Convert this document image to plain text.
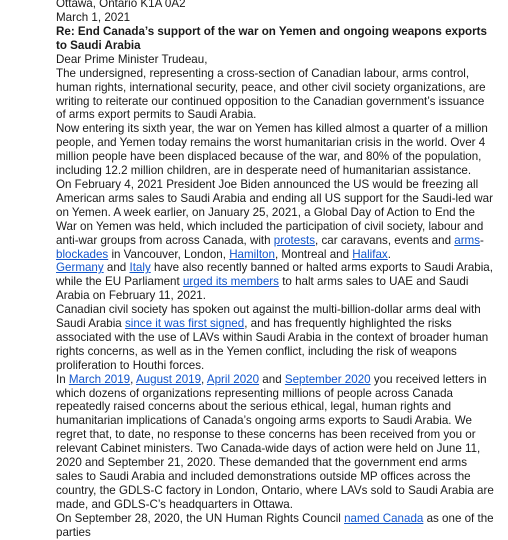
Ottawa, Ontario K1A 0A2

March 1, 2021

Re: End Canada’s support of the war on Yemen and ongoing weapons exports to Saudi Arabia

Dear Prime Minister Trudeau,

The undersigned, representing a cross-section of Canadian labour, arms control, human rights, international security, peace, and other civil society organizations, are writing to reiterate our continued opposition to the Canadian government’s issuance of arms export permits to Saudi Arabia.

Now entering its sixth year, the war on Yemen has killed almost a quarter of a million people, and Yemen today remains the worst humanitarian crisis in the world. Over 4 million people have been displaced because of the war, and 80% of the population, including 12.2 million children, are in desperate need of humanitarian assistance.

On February 4, 2021 President Joe Biden announced the US would be freezing all American arms sales to Saudi Arabia and ending all US support for the Saudi-led war on Yemen. A week earlier, on January 25, 2021, a Global Day of Action to End the War on Yemen was held, which included the participation of civil society, labour and anti-war groups from across Canada, with protests, car caravans, events and arms-blockades in Vancouver, London, Hamilton, Montreal and Halifax.

Germany and Italy have also recently banned or halted arms exports to Saudi Arabia, while the EU Parliament urged its members to halt arms sales to UAE and Saudi Arabia on February 11, 2021.

Canadian civil society has spoken out against the multi-billion-dollar arms deal with Saudi Arabia since it was first signed, and has frequently highlighted the risks associated with the use of LAVs within Saudi Arabia in the context of broader human rights concerns, as well as in the Yemen conflict, including the risk of weapons proliferation to Houthi forces.

In March 2019, August 2019, April 2020 and September 2020 you received letters in which dozens of organizations representing millions of people across Canada repeatedly raised concerns about the serious ethical, legal, human rights and humanitarian implications of Canada’s ongoing arms exports to Saudi Arabia. We regret that, to date, no response to these concerns has been received from you or relevant Cabinet ministers. Two Canada-wide days of action were held on June 11, 2020 and September 21, 2020. These demanded that the government end arms sales to Saudi Arabia and included demonstrations outside MP offices across the country, the GDLS-C factory in London, Ontario, where LAVs sold to Saudi Arabia are made, and GDLS-C’s headquarters in Ottawa.

On September 28, 2020, the UN Human Rights Council named Canada as one of the parties
